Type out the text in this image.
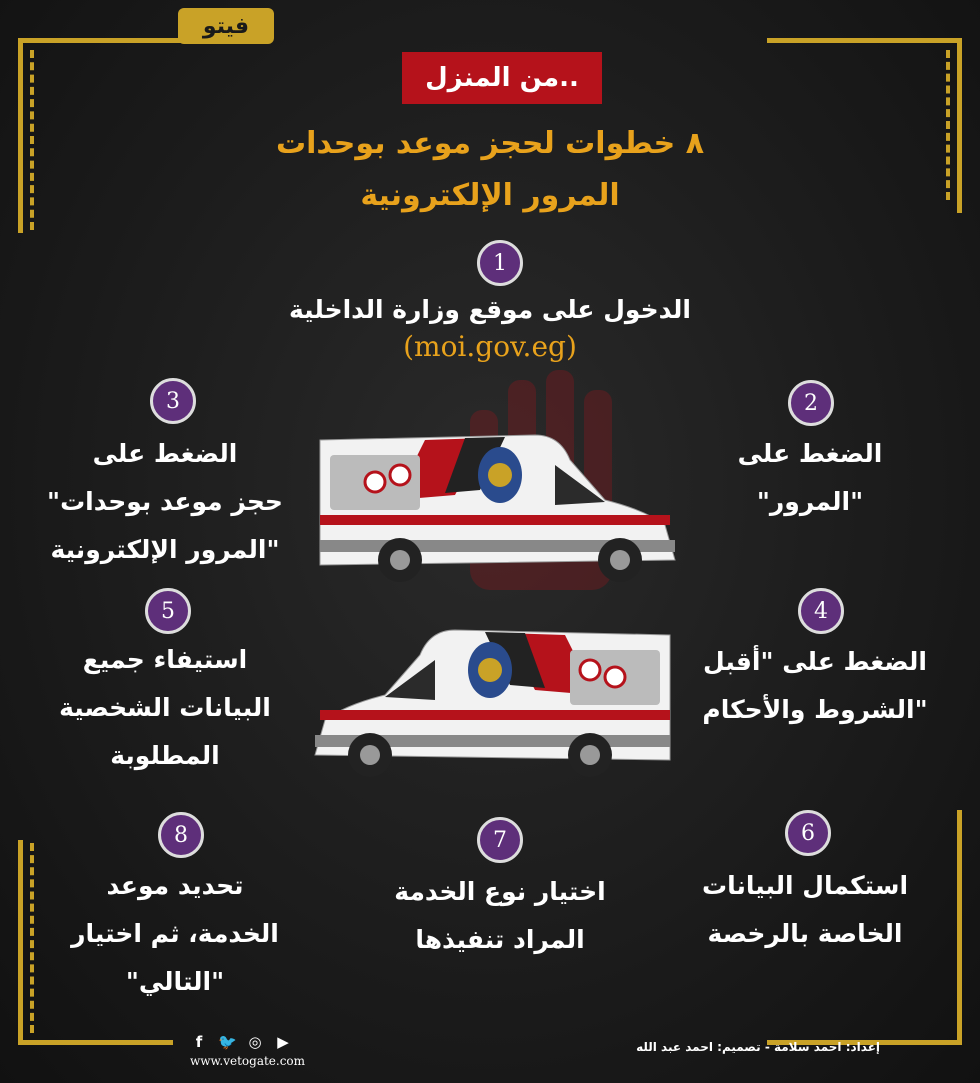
فيتو
من المنزل..
٨ خطوات لحجز موعد بوحدات
المرور الإلكترونية
1
الدخول على موقع وزارة الداخلية
(moi.gov.eg)
2
الضغط على
"المرور"
3
الضغط على
"حجز موعد بوحدات
المرور الإلكترونية"
4
الضغط على "أقبل
الشروط والأحكام"
5
استيفاء جميع
البيانات الشخصية
المطلوبة
6
استكمال البيانات
الخاصة بالرخصة
7
اختيار نوع الخدمة
المراد تنفيذها
8
تحديد موعد
الخدمة، ثم اختيار
"التالي"
f	🐦 ◎ ▶
www.vetogate.com
إعداد: احمد سلامة - تصميم: احمد عبد الله
